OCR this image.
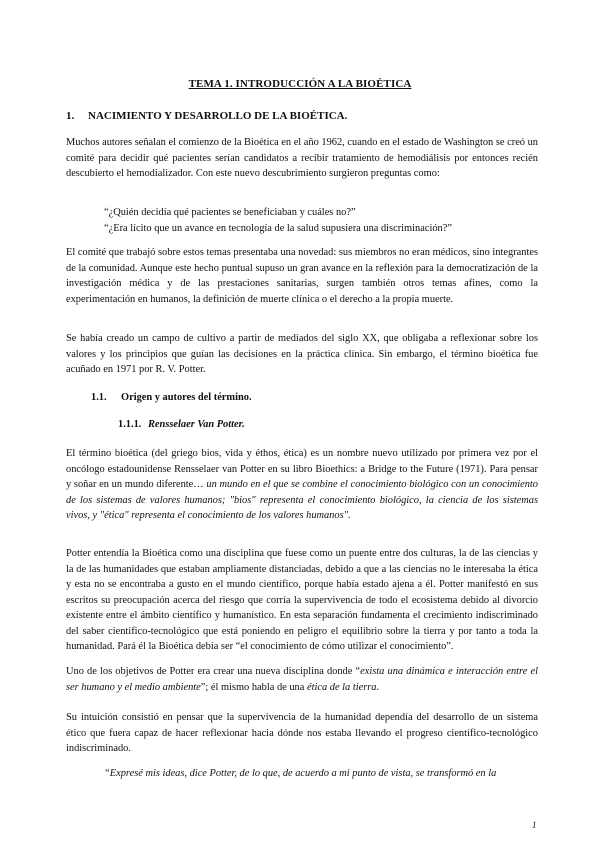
TEMA 1. INTRODUCCIÓN A LA BIOÉTICA
1. NACIMIENTO Y DESARROLLO DE LA BIOÉTICA.

Muchos autores señalan el comienzo de la Bioética en el año 1962, cuando en el estado de Washington se creó un comité para decidir qué pacientes serían candidatos a recibir tratamiento de hemodiálisis por entonces recién descubierto el hemodializador. Con este nuevo descubrimiento surgieron preguntas como:

“¿Quién decidía qué pacientes se beneficiaban y cuáles no?”

“¿Era lícito que un avance en tecnología de la salud supusiera una discriminación?”

El comité que trabajó sobre estos temas presentaba una novedad: sus miembros no eran médicos, sino integrantes de la comunidad. Aunque este hecho puntual supuso un gran avance en la reflexión para la democratización de la investigación médica y de las prestaciones sanitarias, surgen también otros temas afines, como la experimentación en humanos, la definición de muerte clínica o el derecho a la propia muerte.

Se había creado un campo de cultivo a partir de mediados del siglo XX, que obligaba a reflexionar sobre los valores y los principios que guían las decisiones en la práctica clínica. Sin embargo, el término bioética fue acuñado en 1971 por R. V. Potter.

1.1. Origen y autores del término.
1.1.1. Rensselaer Van Potter.

El término bioética (del griego bios, vida y éthos, ética) es un nombre nuevo utilizado por primera vez por el oncólogo estadounidense Rensselaer van Potter en su libro Bioethics: a Bridge to the Future (1971). Para pensar y soñar en un mundo diferente… un mundo en el que se combine el conocimiento biológico con un conocimiento de los sistemas de valores humanos; "bios" representa el conocimiento biológico, la ciencia de los sistemas vivos, y "ética" representa el conocimiento de los valores humanos".

Potter entendía la Bioética como una disciplina que fuese como un puente entre dos culturas, la de las ciencias y la de las humanidades que estaban ampliamente distanciadas, debido a que a las ciencias no le interesaba la ética y esta no se encontraba a gusto en el mundo científico, porque había estado ajena a él. Potter manifestó en sus escritos su preocupación acerca del riesgo que corría la supervivencia de todo el ecosistema debido al divorcio existente entre el ámbito científico y humanístico. En esta separación fundamenta el crecimiento indiscriminado del saber científico-tecnológico que está poniendo en peligro el equilibrio sobre la tierra y por tanto a toda la humanidad. Pará él la Bioética debía ser “el conocimiento de cómo utilizar el conocimiento”.

Uno de los objetivos de Potter era crear una nueva disciplina donde “exista una dinámica e interacción entre el ser humano y el medio ambiente”; él mismo habla de una ética de la tierra.

Su intuición consistió en pensar que la supervivencia de la humanidad dependía del desarrollo de un sistema ético que fuera capaz de hacer reflexionar hacia dónde nos estaba llevando el progreso científico-tecnológico indiscriminado.

“Expresé mis ideas, dice Potter, de lo que, de acuerdo a mi punto de vista, se transformó en la

1
